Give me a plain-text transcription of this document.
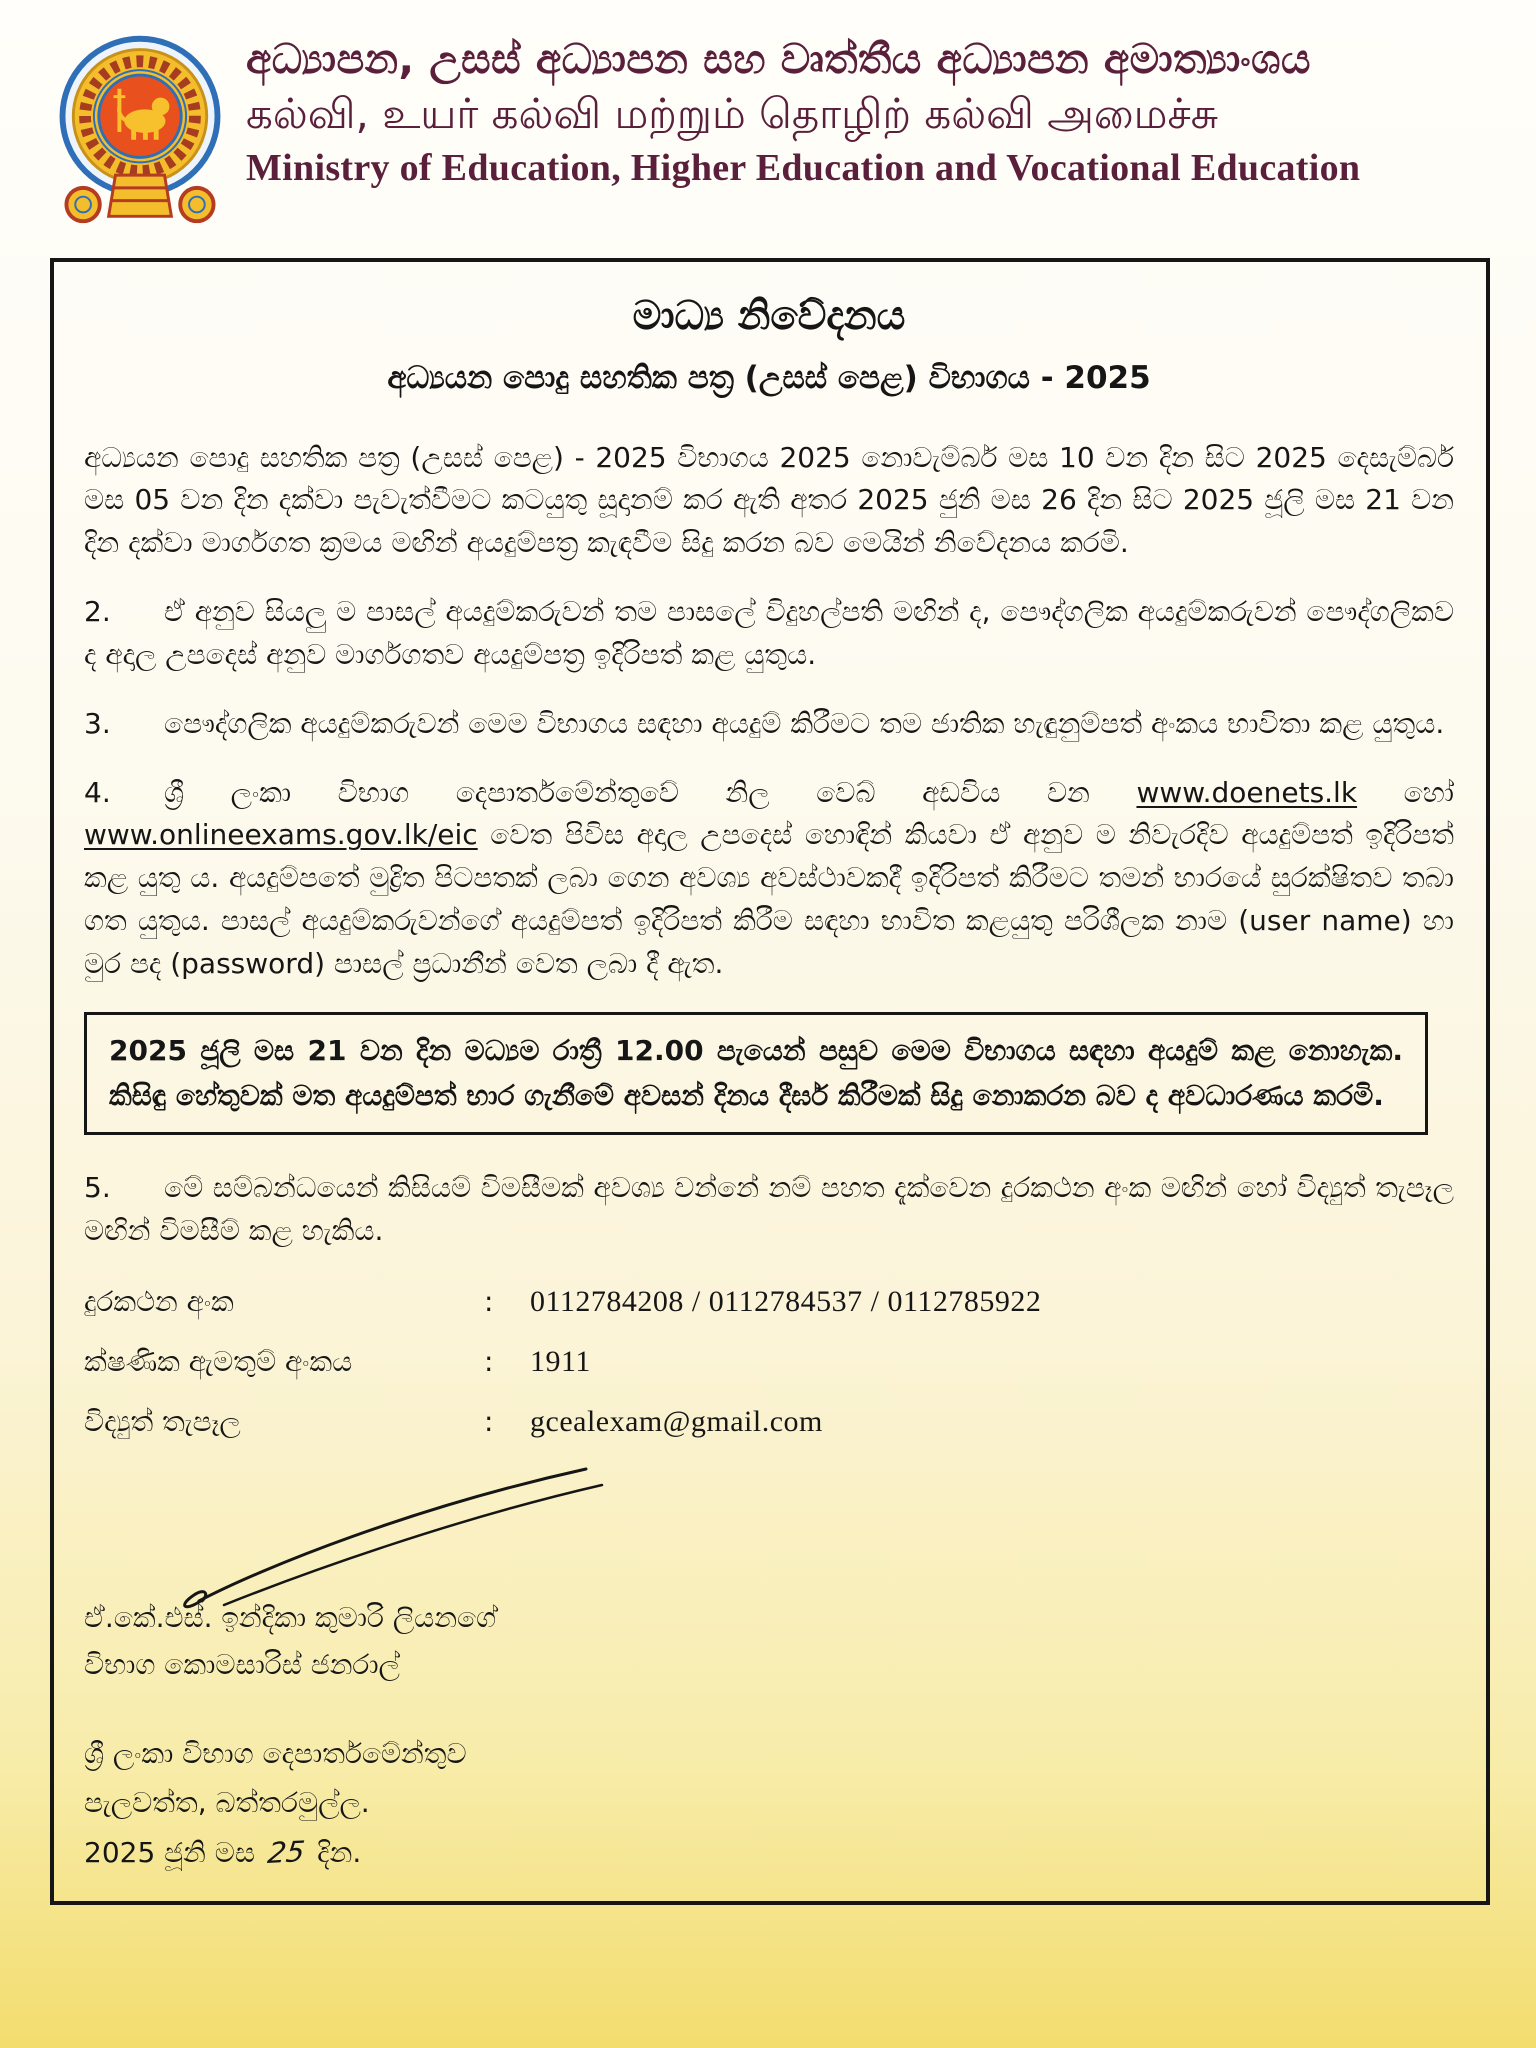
අධ්‍යාපන, උසස් අධ්‍යාපන සහ වෘත්තීය අධ්‍යාපන අමාත්‍යාංශය
கல்வி, உயர் கல்வி மற்றும் தொழிற் கல்வி அமைச்சு
Ministry of Education, Higher Education and Vocational Education
මාධ්‍ය නිවේදනය
අධ්‍යයන පොදු සහතික පත්‍ර (උසස් පෙළ) විභාගය - 2025

අධ්‍යයන පොදු සහතික පත්‍ර (උසස් පෙළ) - 2025 විභාගය 2025 නොවැම්බර් මස 10 වන දින සිට 2025 දෙසැම්බර් මස 05 වන දින දක්වා පැවැත්වීමට කටයුතු සූදානම් කර ඇති අතර 2025 ජුනි මස 26 දින සිට 2025 ජූලි මස 21 වන දින දක්වා මාර්ගගත ක්‍රමය මඟින් අයදුම්පත්‍ර කැඳවීම සිදු කරන බව මෙයින් නිවේදනය කරමි.

2. ඒ අනුව සියලු ම පාසල් අයදුම්කරුවන් තම පාසලේ විදුහල්පති මඟින් ද, පෞද්ගලික අයදුම්කරුවන් පෞද්ගලිකව ද අදාල උපදෙස් අනුව මාර්ගගතව අයදුම්පත්‍ර ඉදිරිපත් කළ යුතුය.

3. පෞද්ගලික අයදුම්කරුවන් මෙම විභාගය සඳහා අයදුම් කිරීමට තම ජාතික හැඳුනුම්පත් අංකය භාවිතා කළ යුතුය.

4. ශ්‍රී ලංකා විභාග දෙපාර්තමේන්තුවේ නිල වෙබ් අඩවිය වන www.doenets.lk හෝ www.onlineexams.gov.lk/eic වෙත පිවිස අදාල උපදෙස් හොඳින් කියවා ඒ අනුව ම නිවැරදිව අයදුම්පත් ඉදිරිපත් කළ යුතු ය. අයදුම්පතේ මුද්‍රිත පිටපතක් ලබා ගෙන අවශ්‍ය අවස්ථාවකදී ඉදිරිපත් කිරීමට තමන් භාරයේ සුරක්ෂිතව තබා ගත යුතුය. පාසල් අයදුම්කරුවන්ගේ අයදුම්පත් ඉදිරිපත් කිරීම සඳහා භාවිත කළයුතු පරිශීලක නාම (user name) හා මුර පද (password) පාසල් ප්‍රධානීන් වෙත ලබා දී ඇත.

2025 ජූලි මස 21 වන දින මධ්‍යම රාත්‍රී 12.00 පැයෙන් පසුව මෙම විභාගය සඳහා අයදුම් කළ නොහැක. කිසිඳු හේතුවක් මත අයදුම්පත් භාර ගැනීමේ අවසන් දිනය දීර්ඝ කිරීමක් සිදු නොකරන බව ද අවධාරණය කරමි.

5. මේ සම්බන්ධයෙන් කිසියම් විමසීමක් අවශ්‍ය වන්නේ නම් පහත දැක්වෙන දුරකථන අංක මඟින් හෝ විද්‍යුත් තැපෑල මඟින් විමසීම් කළ හැකිය.

දුරකථන අංක	:	0112784208 / 0112784537 / 0112785922
ක්ෂණික ඇමතුම් අංකය	:	1911
විද්‍යුත් තැපෑල	:	gcealexam@gmail.com
ඒ.කේ.එස්. ඉන්දිකා කුමාරි ලියනගේ
විභාග කොමසාරිස් ජනරාල්
ශ්‍රී ලංකා විභාග දෙපාර්තමේන්තුව
පැලවත්ත, බත්තරමුල්ල.
2025 ජූනි මස 25 දින.
